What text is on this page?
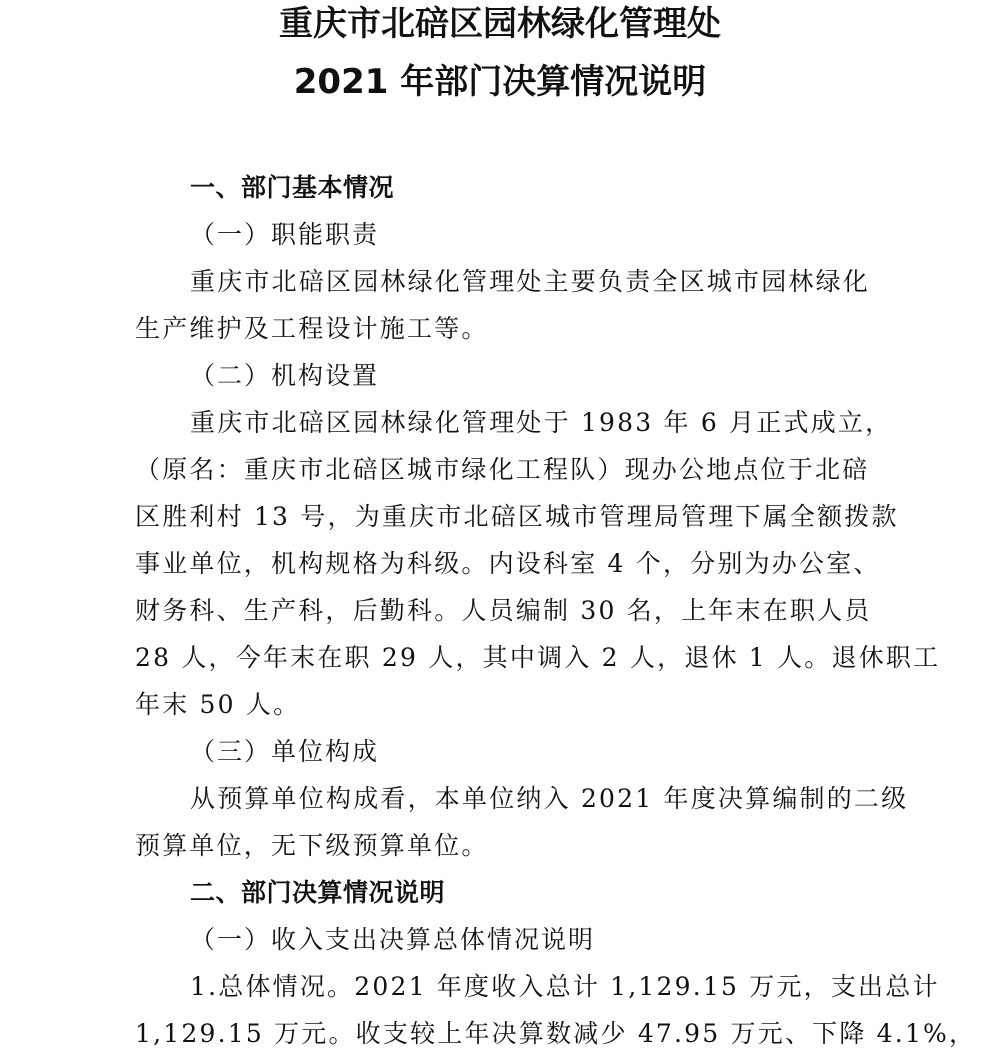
重庆市北碚区园林绿化管理处
2021 年部门决算情况说明

一、部门基本情况

（一）职能职责

重庆市北碚区园林绿化管理处主要负责全区城市园林绿化

生产维护及工程设计施工等。

（二）机构设置

重庆市北碚区园林绿化管理处于 1983 年 6 月正式成立，

（原名：重庆市北碚区城市绿化工程队）现办公地点位于北碚

区胜利村 13 号，为重庆市北碚区城市管理局管理下属全额拨款

事业单位，机构规格为科级。内设科室 4 个，分别为办公室、

财务科、生产科，后勤科。人员编制 30 名，上年末在职人员

28 人，今年末在职 29 人，其中调入 2 人，退休 1 人。退休职工

年末 50 人。

（三）单位构成

从预算单位构成看，本单位纳入 2021 年度决算编制的二级

预算单位，无下级预算单位。

二、部门决算情况说明

（一）收入支出决算总体情况说明

1.总体情况。2021 年度收入总计 1,129.15 万元，支出总计

1,129.15 万元。收支较上年决算数减少 47.95 万元、下降 4.1%，
